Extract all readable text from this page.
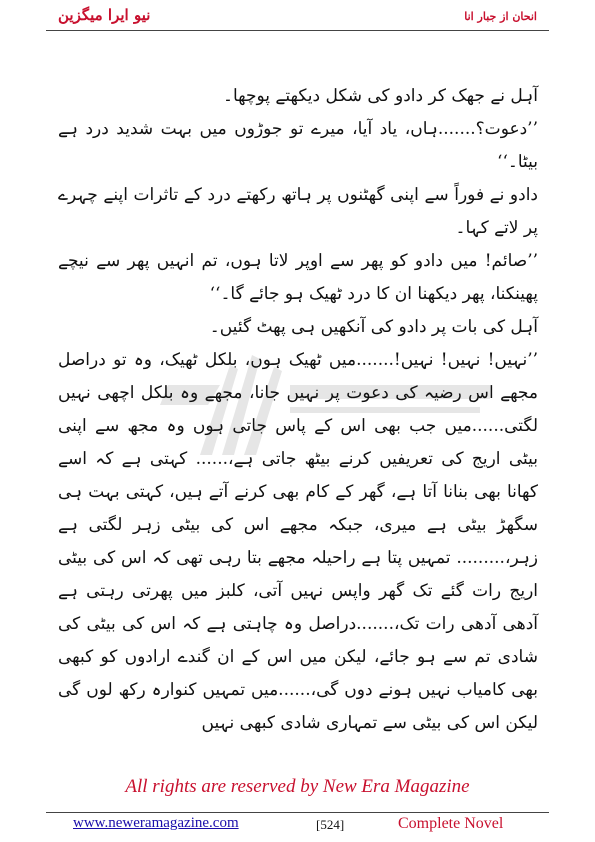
نیو ایرا میگزین	انحان از جبار انا

آہل نے جھک کر دادو کی شکل دیکھتے پوچھا۔

’’دعوت؟.......ہاں، یاد آیا، میرے تو جوڑوں میں بہت شدید درد ہے بیٹا۔‘‘

دادو نے فوراً سے اپنی گھٹنوں پر ہاتھ رکھتے درد کے تاثرات اپنے چہرے پر لاتے کہا۔

’’صائم! میں دادو کو پھر سے اوپر لاتا ہوں، تم انہیں پھر سے نیچے پھینکنا، پھر دیکھنا ان کا درد ٹھیک ہو جائے گا۔‘‘

آہل کی بات پر دادو کی آنکھیں ہی پھٹ گئیں۔

’’نہیں! نہیں! نہیں!.......میں ٹھیک ہوں، بلکل ٹھیک، وہ تو دراصل مجھے اس رضیہ کی دعوت پر نہیں جانا، مجھے وہ بلکل اچھی نہیں لگتی......میں جب بھی اس کے پاس جاتی ہوں وہ مجھ سے اپنی بیٹی اریج کی تعریفیں کرنے بیٹھ جاتی ہے،...... کہتی ہے کہ اسے کھانا بھی بنانا آتا ہے، گھر کے کام بھی کرنے آتے ہیں، کہتی بہت ہی سگھڑ بیٹی ہے میری، جبکہ مجھے اس کی بیٹی زہر لگتی ہے زہر،......... تمہیں پتا ہے راحیلہ مجھے بتا رہی تھی کہ اس کی بیٹی اریج رات گئے تک گھر واپس نہیں آتی، کلبز میں پھرتی رہتی ہے آدھی آدھی رات تک،.......دراصل وہ چاہتی ہے کہ اس کی بیٹی کی شادی تم سے ہو جائے، لیکن میں اس کے ان گندے ارادوں کو کبھی بھی کامیاب نہیں ہونے دوں گی،......میں تمہیں کنوارہ رکھ لوں گی لیکن اس کی بیٹی سے تمہاری شادی کبھی نہیں

All rights are reserved by New Era Magazine
www.neweramagazine.com	[524]	Complete Novel
